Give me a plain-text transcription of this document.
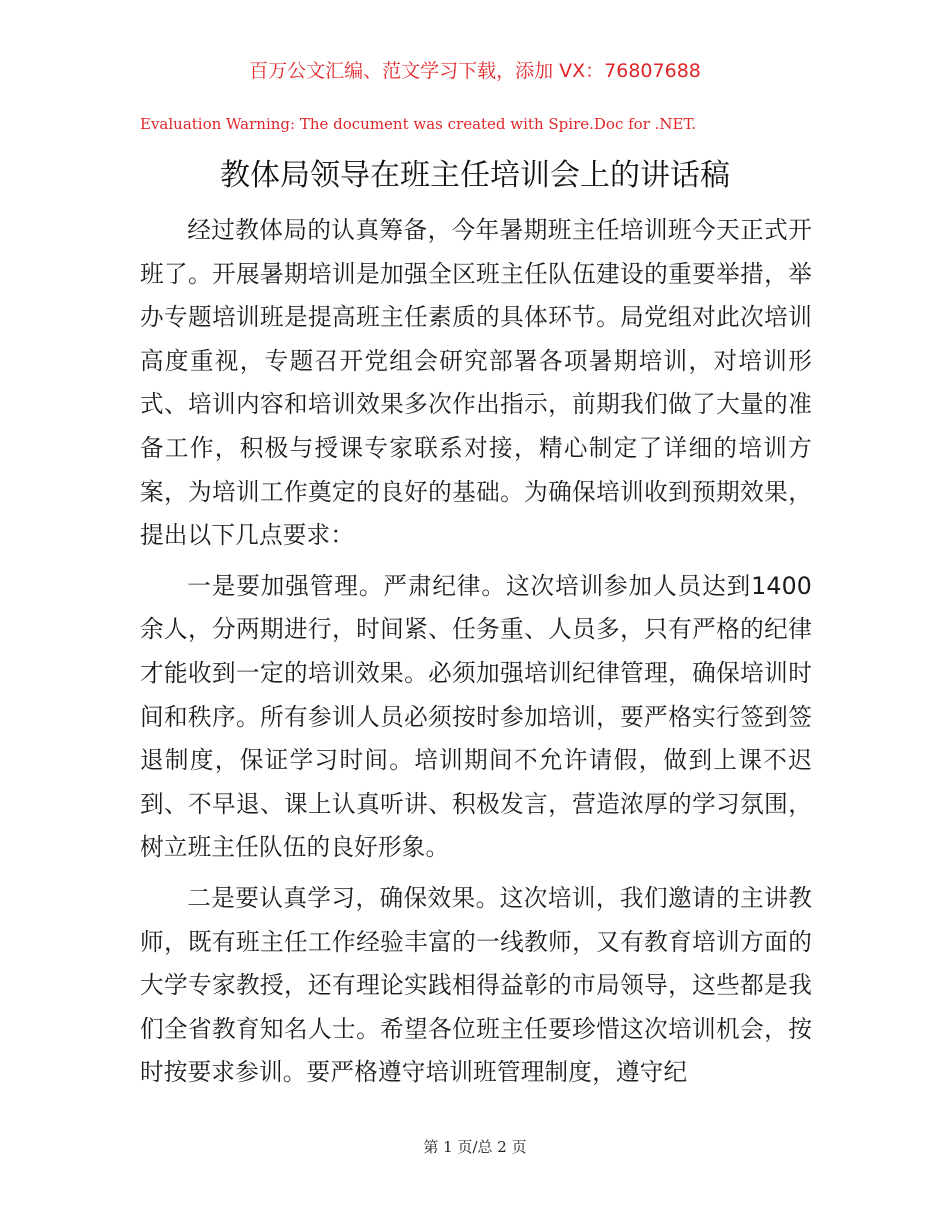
百万公文汇编、范文学习下载，添加 VX：76807688
Evaluation Warning: The document was created with Spire.Doc for .NET.
教体局领导在班主任培训会上的讲话稿

经过教体局的认真筹备，今年暑期班主任培训班今天正式开班了。开展暑期培训是加强全区班主任队伍建设的重要举措，举办专题培训班是提高班主任素质的具体环节。局党组对此次培训高度重视，专题召开党组会研究部署各项暑期培训，对培训形式、培训内容和培训效果多次作出指示，前期我们做了大量的准备工作，积极与授课专家联系对接，精心制定了详细的培训方案，为培训工作奠定的良好的基础。为确保培训收到预期效果，提出以下几点要求：

一是要加强管理。严肃纪律。这次培训参加人员达到1400余人，分两期进行，时间紧、任务重、人员多，只有严格的纪律才能收到一定的培训效果。必须加强培训纪律管理，确保培训时间和秩序。所有参训人员必须按时参加培训，要严格实行签到签退制度，保证学习时间。培训期间不允许请假，做到上课不迟到、不早退、课上认真听讲、积极发言，营造浓厚的学习氛围，树立班主任队伍的良好形象。

二是要认真学习，确保效果。这次培训，我们邀请的主讲教师，既有班主任工作经验丰富的一线教师，又有教育培训方面的大学专家教授，还有理论实践相得益彰的市局领导，这些都是我们全省教育知名人士。希望各位班主任要珍惜这次培训机会，按时按要求参训。要严格遵守培训班管理制度，遵守纪

第 1 页/总 2 页
